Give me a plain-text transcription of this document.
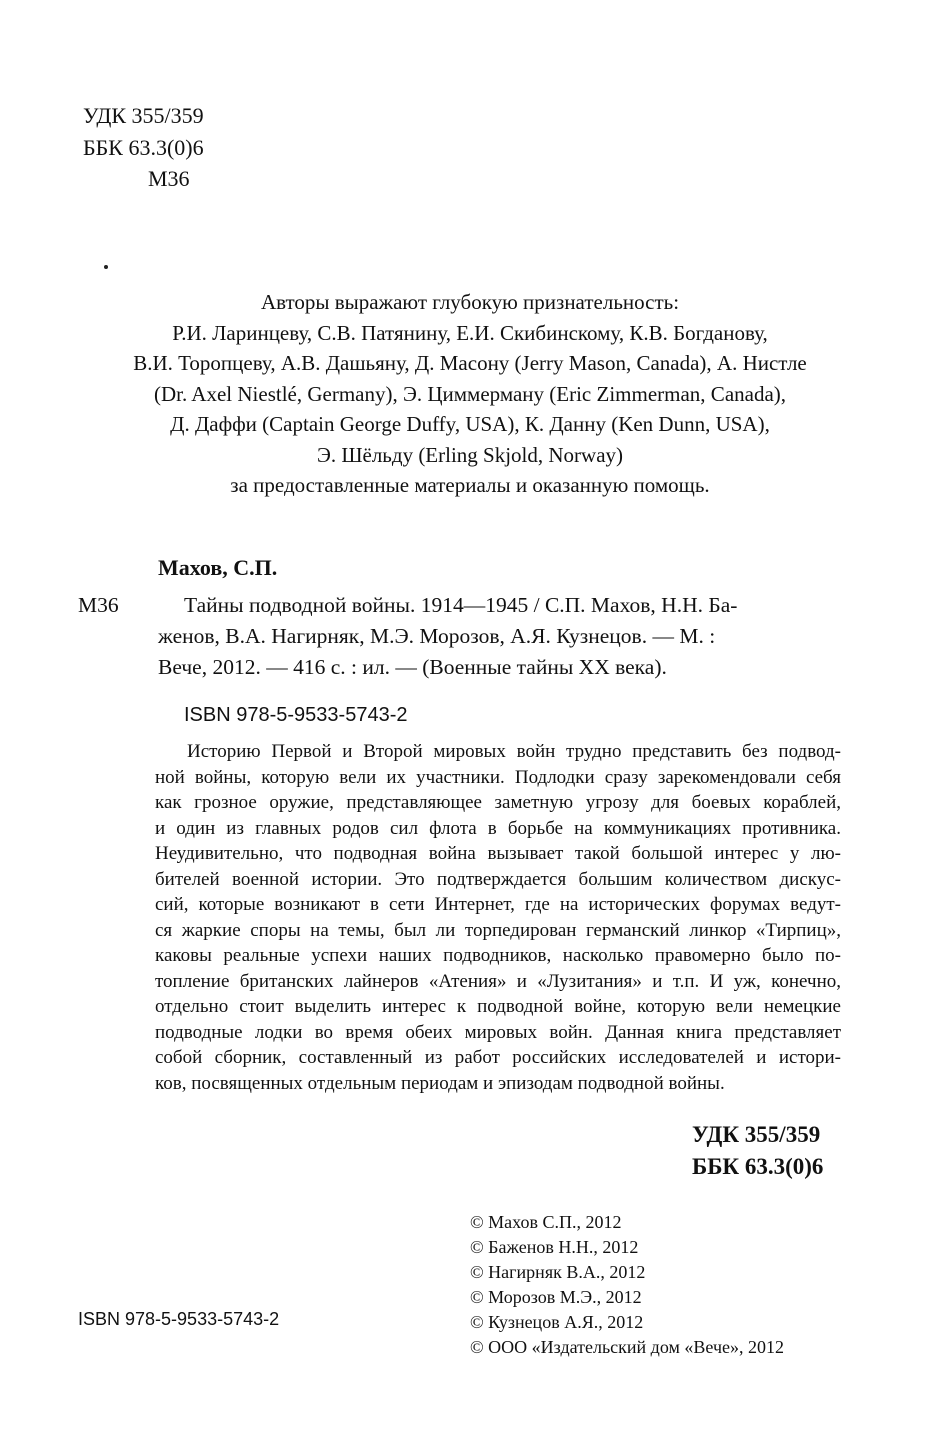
УДК 355/359
ББК 63.3(0)6
М36
Авторы выражают глубокую признательность:
Р.И. Ларинцеву, С.В. Патянину, Е.И. Скибинскому, К.В. Богданову,
В.И. Торопцеву, А.В. Дашьяну, Д. Масону (Jerry Mason, Canada), А. Нистле
(Dr. Axel Niestlé, Germany), Э. Циммерману (Eric Zimmerman, Canada),
Д. Даффи (Captain George Duffy, USA), К. Данну (Ken Dunn, USA),
Э. Шёльду (Erling Skjold, Norway)
за предоставленные материалы и оказанную помощь.
Махов, С.П.
М36	Тайны подводной войны. 1914—1945 / С.П. Махов, Н.Н. Ба-
женов, В.А. Нагирняк, М.Э. Морозов, А.Я. Кузнецов. — М. :
Вече, 2012. — 416 с. : ил. — (Военные тайны XX века).
ISBN 978-5-9533-5743-2
Историю Первой и Второй мировых войн трудно представить без подвод-
ной войны, которую вели их участники. Подлодки сразу зарекомендовали себя
как грозное оружие, представляющее заметную угрозу для боевых кораблей,
и один из главных родов сил флота в борьбе на коммуникациях противника.
Неудивительно, что подводная война вызывает такой большой интерес у лю-
бителей военной истории. Это подтверждается большим количеством дискус-
сий, которые возникают в сети Интернет, где на исторических форумах ведут-
ся жаркие споры на темы, был ли торпедирован германский линкор «Тирпиц»,
каковы реальные успехи наших подводников, насколько правомерно было по-
топление британских лайнеров «Атения» и «Лузитания» и т.п. И уж, конечно,
отдельно стоит выделить интерес к подводной войне, которую вели немецкие
подводные лодки во время обеих мировых войн. Данная книга представляет
собой сборник, составленный из работ российских исследователей и истори-
ков, посвященных отдельным периодам и эпизодам подводной войны.
УДК 355/359
ББК 63.3(0)6
ISBN 978-5-9533-5743-2
© Махов С.П., 2012
© Баженов Н.Н., 2012
© Нагирняк В.А., 2012
© Морозов М.Э., 2012
© Кузнецов А.Я., 2012
© ООО «Издательский дом «Вече», 2012
